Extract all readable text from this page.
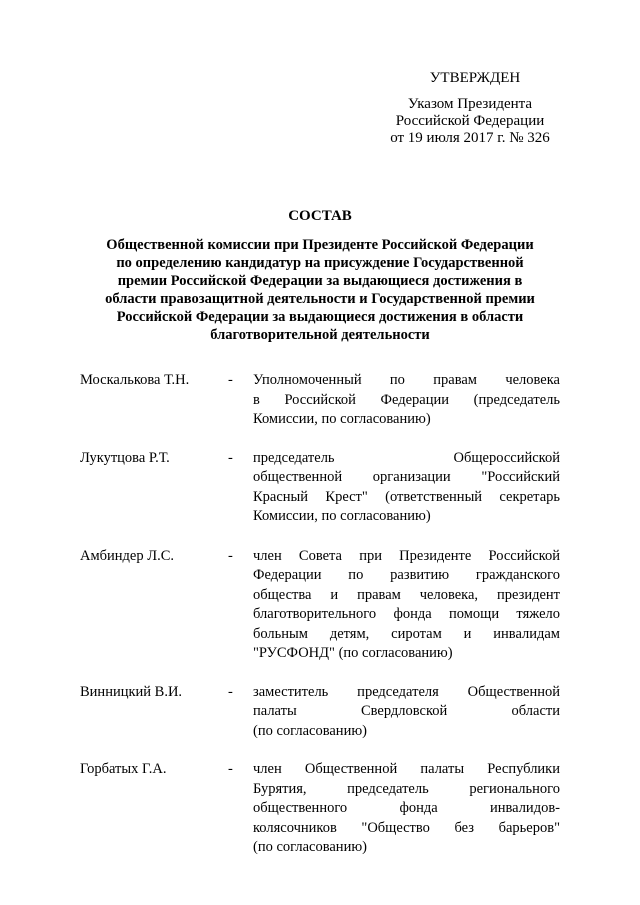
УТВЕРЖДЕН
Указом Президента
Российской Федерации
от 19 июля 2017 г. № 326
СОСТАВ
Общественной комиссии при Президенте Российской Федерации
по определению кандидатур на присуждение Государственной
премии Российской Федерации за выдающиеся достижения в
области правозащитной деятельности и Государственной премии
Российской Федерации за выдающиеся достижения в области
благотворительной деятельности
Москалькова Т.Н.	-	Уполномоченный по правам человека
в Российской Федерации (председатель
Комиссии, по согласованию)
Лукутцова Р.Т.	-	председатель Общероссийской
общественной организации "Российский
Красный Крест" (ответственный секретарь
Комиссии, по согласованию)
Амбиндер Л.С.	-	член Совета при Президенте Российской
Федерации по развитию гражданского
общества и правам человека, президент
благотворительного фонда помощи тяжело
больным детям, сиротам и инвалидам
"РУСФОНД" (по согласованию)
Винницкий В.И.	-	заместитель председателя Общественной
палаты Свердловской области
(по согласованию)
Горбатых Г.А.	-	член Общественной палаты Республики
Бурятия, председатель регионального
общественного фонда инвалидов-
колясочников "Общество без барьеров"
(по согласованию)
